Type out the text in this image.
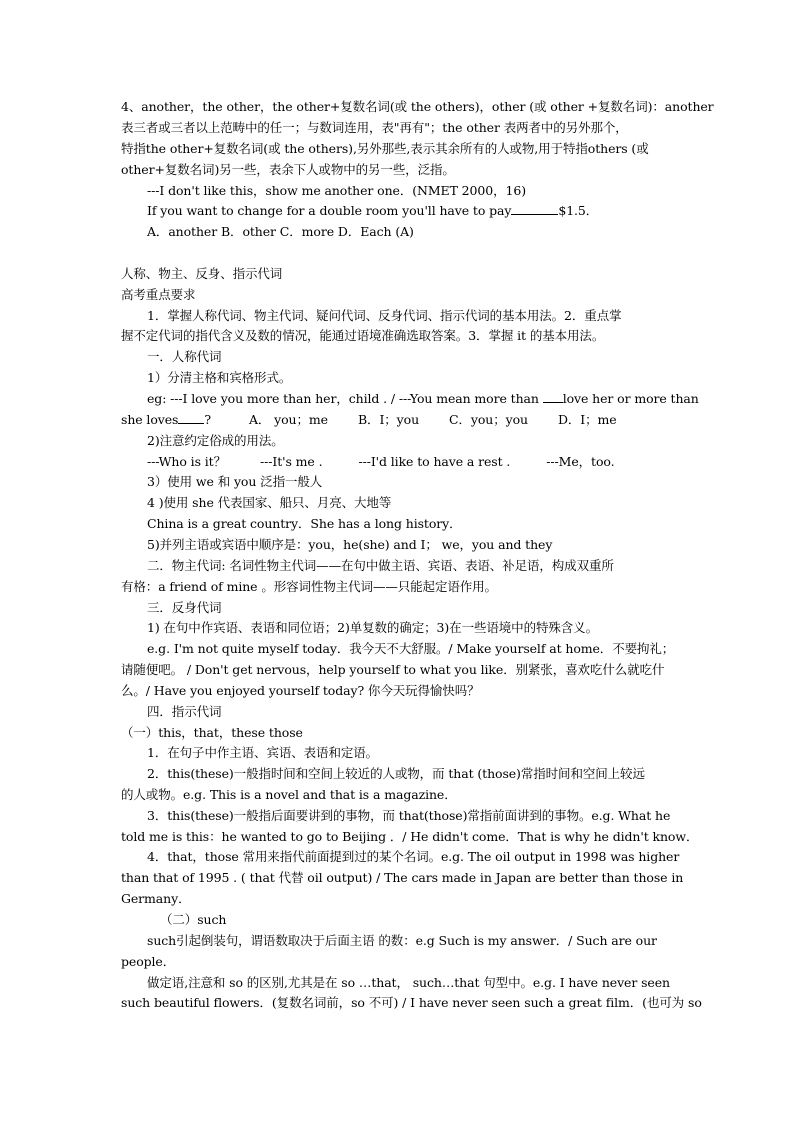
4、another，the other，the other+复数名词(或 the others)，other (或 other +复数名词)：another
表三者或三者以上范畴中的任一；与数词连用，表"再有"；the other 表两者中的另外那个，
特指the other+复数名词(或 the others),另外那些,表示其余所有的人或物,用于特指others (或
other+复数名词)另一些，表余下人或物中的另一些，泛指。
---I don't like this，show me another one．(NMET 2000，16)
If you want to change for a double room you'll have to pay	$1.5．
A．another B．other C．more D．Each (A)
人称、物主、反身、指示代词
高考重点要求
1．掌握人称代词、物主代词、疑问代词、反身代词、指示代词的基本用法。2．重点掌
握不定代词的指代含义及数的情况，能通过语境准确选取答案。3．掌握 it 的基本用法。
一．人称代词
1）分清主格和宾格形式。
eg: ---I love you more than her，child . / ---You mean more than love her or more than
she loves ?	A． you；me B．I；you C．you；you D．I；me
2)注意约定俗成的用法。
---Who is it？	---It's me .	---I'd like to have a rest .	---Me，too.
3）使用 we 和 you 泛指一般人
4 )使用 she 代表国家、船只、月亮、大地等
China is a great country．She has a long history．
5)并列主语或宾语中顺序是：you，he(she) and I； we，you and they
二．物主代词: 名词性物主代词——在句中做主语、宾语、表语、补足语，构成双重所
有格：a friend of mine 。形容词性物主代词——只能起定语作用。
三．反身代词
1) 在句中作宾语、表语和同位语；2)单复数的确定；3)在一些语境中的特殊含义。
e.g. I'm not quite myself today．我今天不大舒服。/ Make yourself at home．不要拘礼；
请随便吧。 / Don't get nervous，help yourself to what you like．别紧张，喜欢吃什么就吃什
么。/ Have you enjoyed yourself today? 你今天玩得愉快吗？
四．指示代词
（一）this，that，these those
1．在句子中作主语、宾语、表语和定语。
2．this(these)一般指时间和空间上较近的人或物，而 that (those)常指时间和空间上较远
的人或物。e.g. This is a novel and that is a magazine．
3．this(these)一般指后面要讲到的事物，而 that(those)常指前面讲到的事物。e.g. What he
told me is this：he wanted to go to Beijing ．/ He didn't come．That is why he didn't know．
4．that，those 常用来指代前面提到过的某个名词。e.g. The oil output in 1998 was higher
than that of 1995 . ( that 代替 oil output) / The cars made in Japan are better than those in
Germany．
（二）such
such引起倒装句，谓语数取决于后面主语 的数：e.g Such is my answer．/ Such are our
people．
做定语,注意和 so 的区别,尤其是在 so …that， such…that 句型中。e.g. I have never seen
such beautiful flowers．(复数名词前，so 不可) / I have never seen such a great film．(也可为 so
